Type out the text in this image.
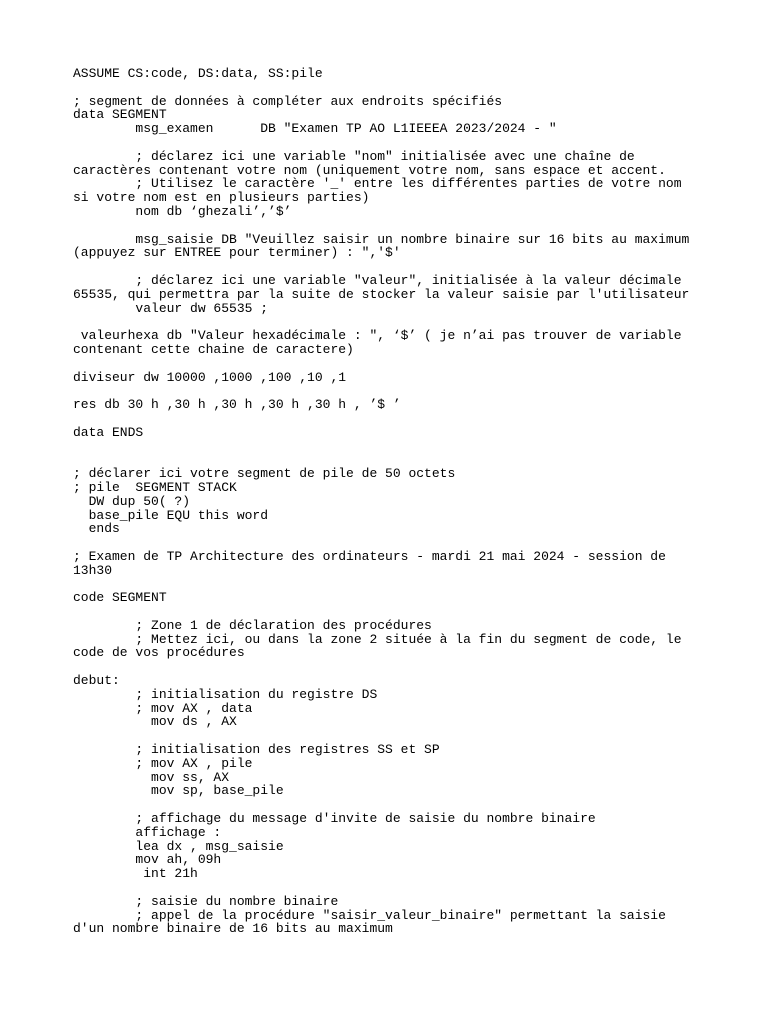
ASSUME CS:code, DS:data, SS:pile
; segment de données à compléter aux endroits spécifiés
data SEGMENT
msg_examen      DB "Examen TP AO L1IEEEA 2023/2024 - "
; déclarez ici une variable "nom" initialisée avec une chaîne de
caractères contenant votre nom (uniquement votre nom, sans espace et accent.
; Utilisez le caractère '_' entre les différentes parties de votre nom
si votre nom est en plusieurs parties)
nom db ‘ghezali’,’$’
msg_saisie DB "Veuillez saisir un nombre binaire sur 16 bits au maximum
(appuyez sur ENTREE pour terminer) : ",'$'
; déclarez ici une variable "valeur", initialisée à la valeur décimale
65535, qui permettra par la suite de stocker la valeur saisie par l'utilisateur
valeur dw 65535 ;
valeurhexa db "Valeur hexadécimale : ", ‘$’ ( je n’ai pas trouver de variable
contenant cette chaine de caractere)
diviseur dw 10000 ,1000 ,100 ,10 ,1
res db 30 h ,30 h ,30 h ,30 h ,30 h , ’$ ’
data ENDS
; déclarer ici votre segment de pile de 50 octets
; pile  SEGMENT STACK
DW dup 50( ?)
base_pile EQU this word
ends
; Examen de TP Architecture des ordinateurs - mardi 21 mai 2024 - session de
13h30
code SEGMENT
; Zone 1 de déclaration des procédures
; Mettez ici, ou dans la zone 2 située à la fin du segment de code, le
code de vos procédures
debut:
; initialisation du registre DS
; mov AX , data
mov ds , AX
; initialisation des registres SS et SP
; mov AX , pile
mov ss, AX
mov sp, base_pile
; affichage du message d'invite de saisie du nombre binaire
affichage :
lea dx , msg_saisie
mov ah, 09h
int 21h
; saisie du nombre binaire
; appel de la procédure "saisir_valeur_binaire" permettant la saisie
d'un nombre binaire de 16 bits au maximum
